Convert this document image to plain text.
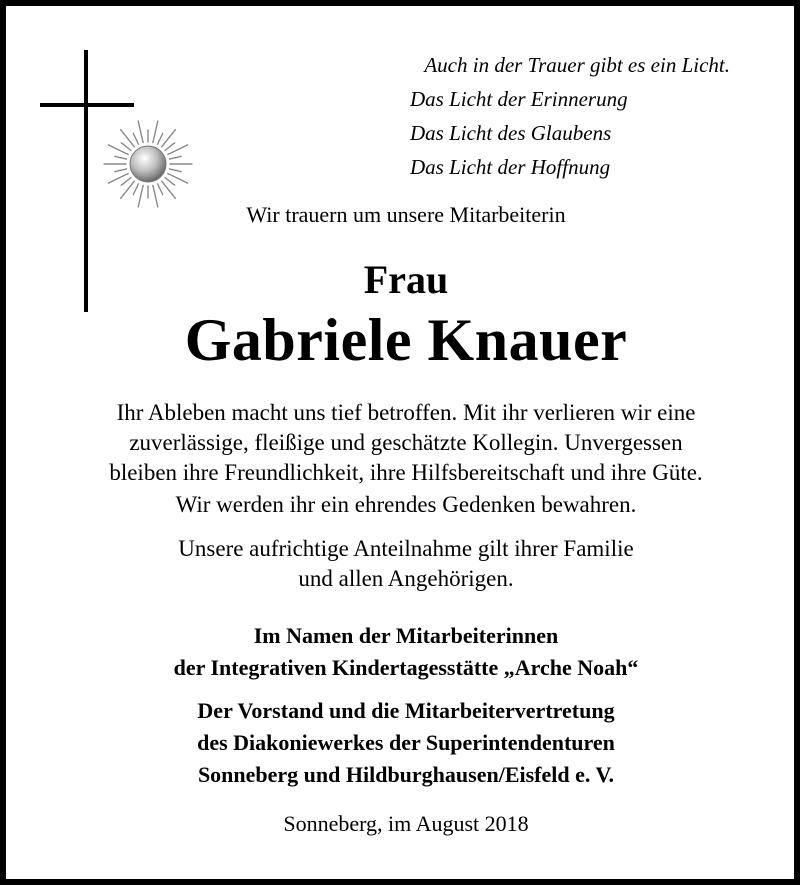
Auch in der Trauer gibt es ein Licht.
Das Licht der Erinnerung
Das Licht des Glaubens
Das Licht der Hoffnung
Wir trauern um unsere Mitarbeiterin
Frau
Gabriele Knauer
Ihr Ableben macht uns tief betroffen. Mit ihr verlieren wir eine
zuverlässige, fleißige und geschätzte Kollegin. Unvergessen
bleiben ihre Freundlichkeit, ihre Hilfsbereitschaft und ihre Güte.
Wir werden ihr ein ehrendes Gedenken bewahren.
Unsere aufrichtige Anteilnahme gilt ihrer Familie
und allen Angehörigen.
Im Namen der Mitarbeiterinnen
der Integrativen Kindertagesstätte „Arche Noah“
Der Vorstand und die Mitarbeitervertretung
des Diakoniewerkes der Superintendenturen
Sonneberg und Hildburghausen/Eisfeld e. V.
Sonneberg, im August 2018
